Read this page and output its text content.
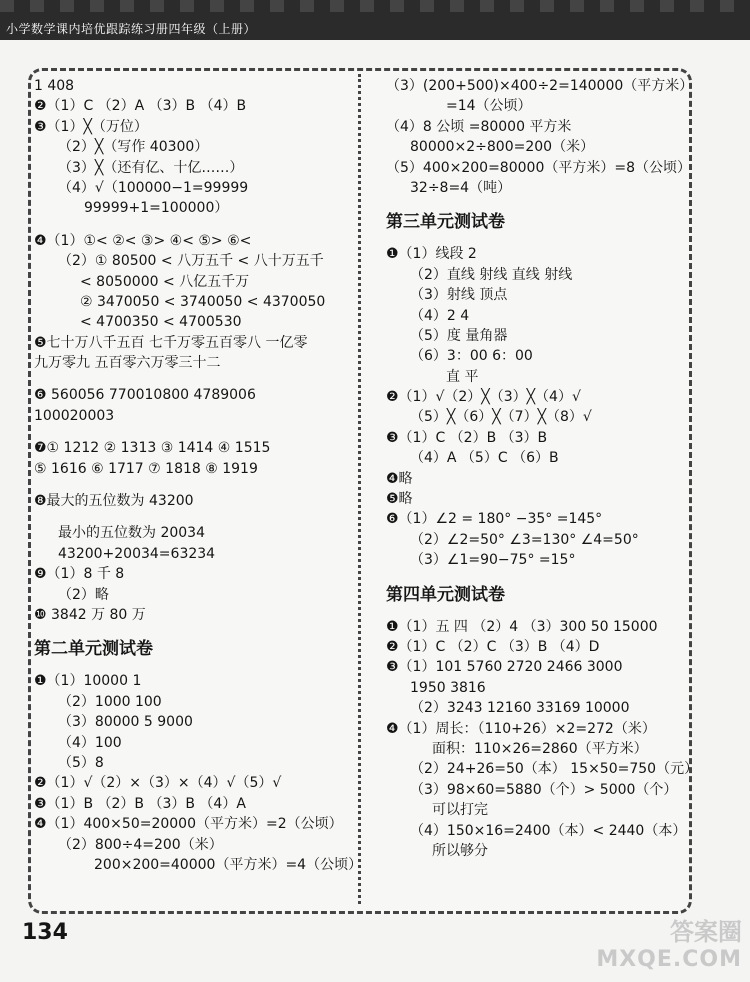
小学数学课内培优跟踪练习册四年级（上册）
1 408
❷（1）C （2）A （3）B （4）B
❸（1）╳（万位）
（2）╳（写作 40300）
（3）╳（还有亿、十亿……）
（4）√（100000−1=99999
99999+1=100000）
❹（1）①< ②< ③> ④< ⑤> ⑥<
（2）① 80500 < 八万五千 < 八十万五千
< 8050000 < 八亿五千万
② 3470050 < 3740050 < 4370050
< 4700350 < 4700530
❺七十万八千五百 七千万零五百零八 一亿零
九万零九 五百零六万零三十二
❻ 560056 770010800 4789006
100020003
❼① 1212 ② 1313 ③ 1414 ④ 1515
⑤ 1616 ⑥ 1717 ⑦ 1818 ⑧ 1919
❽最大的五位数为 43200
最小的五位数为 20034
43200+20034=63234
❾（1）8 千 8
（2）略
❿ 3842 万 80 万
第二单元测试卷
❶（1）10000 1
（2）1000 100
（3）80000 5 9000
（4）100
（5）8
❷（1）√（2）×（3）×（4）√（5）√
❸（1）B （2）B （3）B （4）A
❹（1）400×50=20000（平方米）=2（公顷）
（2）800÷4=200（米）
200×200=40000（平方米）=4（公顷）
（3）(200+500)×400÷2=140000（平方米）
=14（公顷）
（4）8 公顷 =80000 平方米
80000×2÷800=200（米）
（5）400×200=80000（平方米）=8（公顷）
32÷8=4（吨）
第三单元测试卷
❶（1）线段 2
（2）直线 射线 直线 射线
（3）射线 顶点
（4）2 4
（5）度 量角器
（6）3：00 6：00
直 平
❷（1）√（2）╳（3）╳（4）√
（5）╳（6）╳（7）╳（8）√
❸（1）C （2）B （3）B
（4）A （5）C （6）B
❹略
❺略
❻（1）∠2 = 180° −35° =145°
（2）∠2=50° ∠3=130° ∠4=50°
（3）∠1=90−75° =15°
第四单元测试卷
❶（1）五 四 （2）4 （3）300 50 15000
❷（1）C （2）C （3）B （4）D
❸（1）101 5760 2720 2466 3000
1950 3816
（2）3243 12160 33169 10000
❹（1）周长：（110+26）×2=272（米）
面积：110×26=2860（平方米）
（2）24+26=50（本） 15×50=750（元）
（3）98×60=5880（个）> 5000（个）
可以打完
（4）150×16=2400（本）< 2440（本）
所以够分
134	答案圈
MXQE.COM
